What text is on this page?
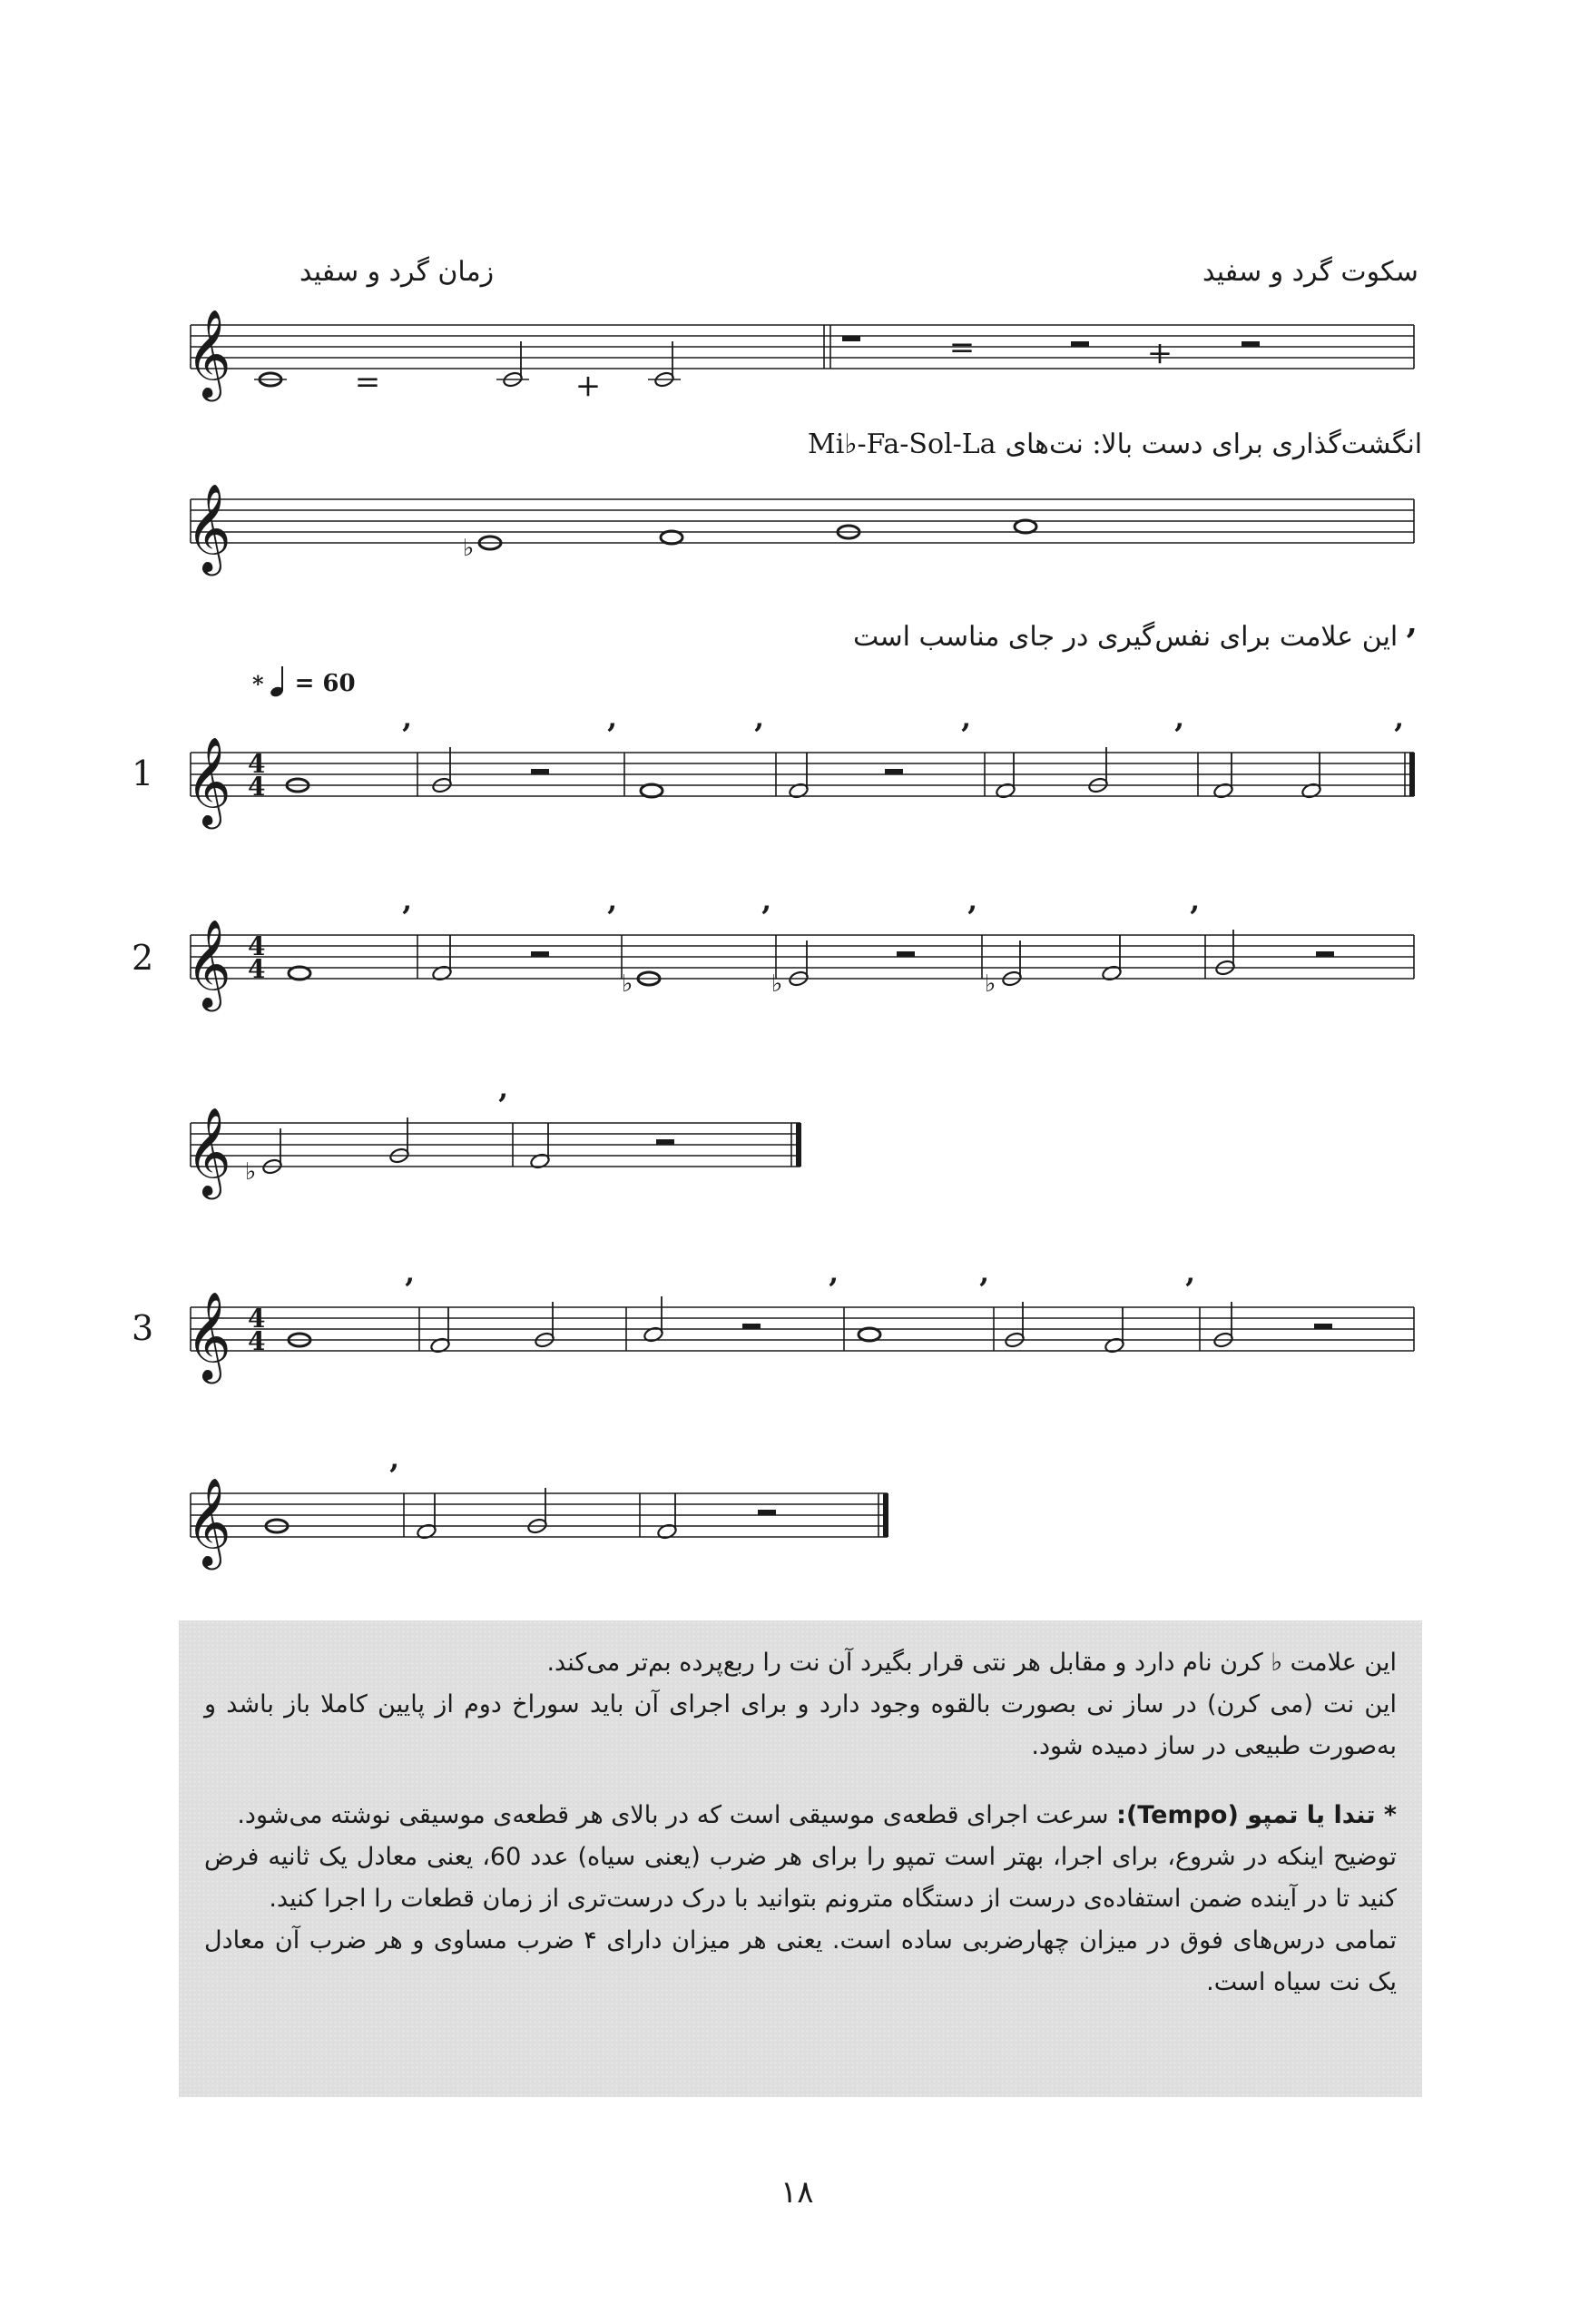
زمان گرد و سفید	سکوت گرد و سفید
انگشت‌گذاری برای دست بالا: نت‌های
Mi♭-Fa-Sol-La
’
این علامت برای نفس‌گیری در جای مناسب است
* = 60
1
2
3
𝄞	=	+
=	+
𝄞	♭
𝄞 4
4
’	’	’	’	’	’
𝄞 4
4
’	’
♭
’
♭
’
♭
’
𝄞 ♭
’
𝄞 4
4
’	’	’	’
𝄞
’

این علامت ♭ کرن نام دارد و مقابل هر نتی قرار بگیرد آن نت را ربع‌پرده بم‌تر می‌کند.

این نت (می کرن) در ساز نی بصورت بالقوه وجود دارد و برای اجرای آن باید سوراخ دوم از پایین کاملا باز باشد و به‌صورت طبیعی در ساز دمیده شود.

* تندا یا تمپو (Tempo): سرعت اجرای قطعه‌ی موسیقی است که در بالای هر قطعه‌ی موسیقی نوشته می‌شود.

توضیح اینکه در شروع، برای اجرا، بهتر است تمپو را برای هر ضرب (یعنی سیاه) عدد 60، یعنی معادل یک ثانیه فرض کنید تا در آینده ضمن استفاده‌ی درست از دستگاه مترونم بتوانید با درک درست‌تری از زمان قطعات را اجرا کنید.

تمامی درس‌های فوق در میزان چهارضربی ساده است. یعنی هر میزان دارای ۴ ضرب مساوی و هر ضرب آن معادل یک نت سیاه است.

۱۸
